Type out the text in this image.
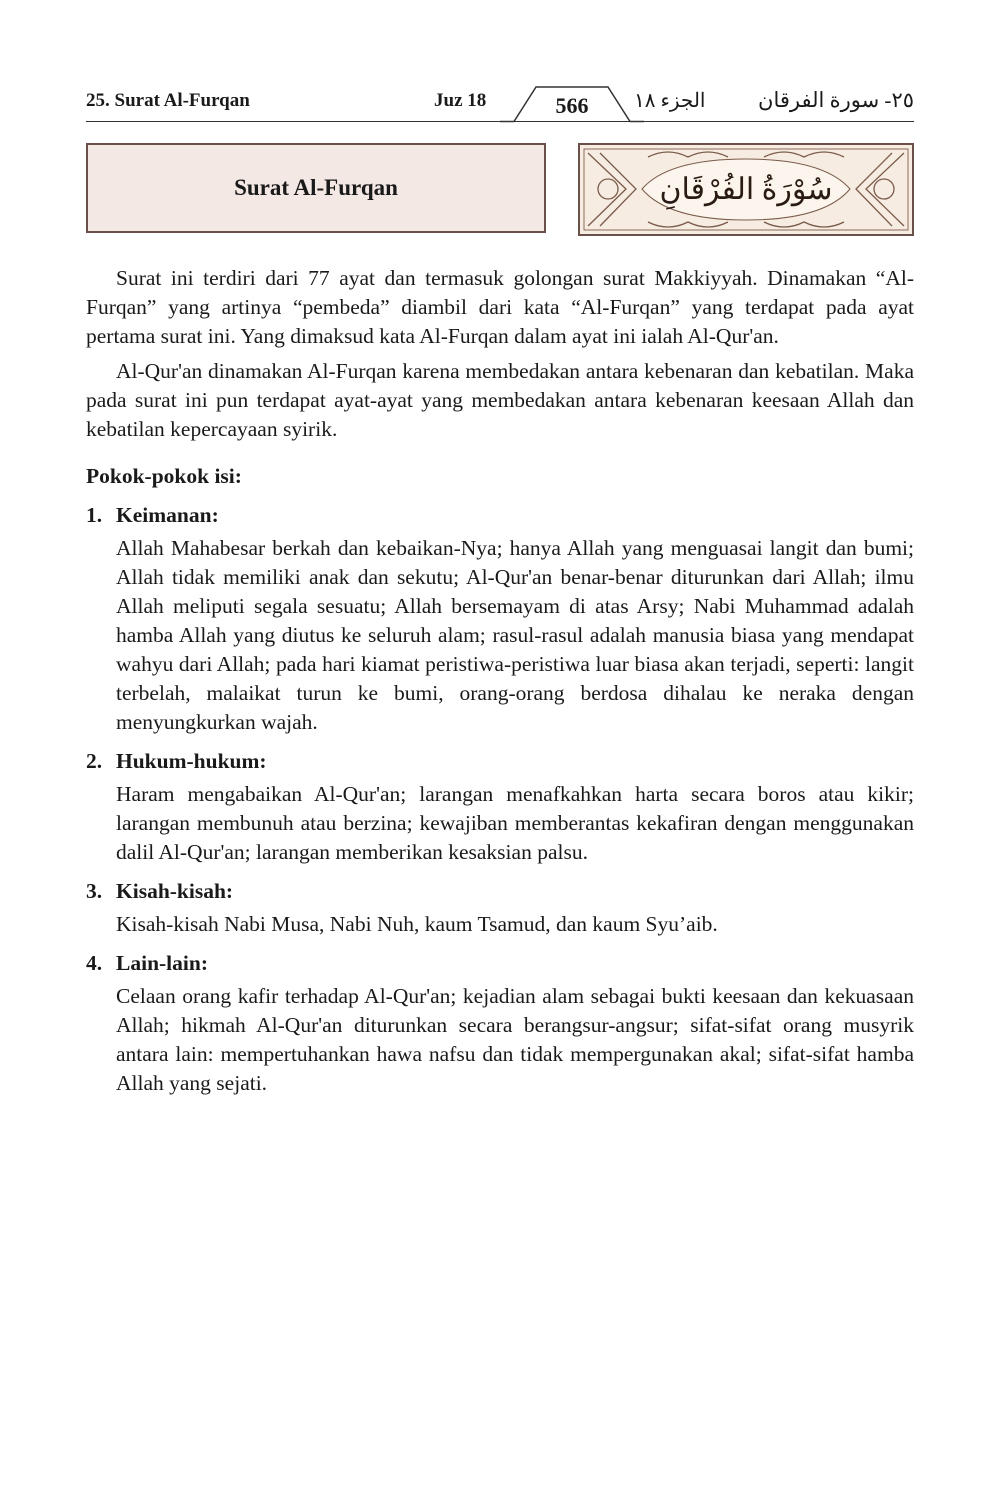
25. Surat Al-Furqan	Juz 18	566	الجزء ١٨	٢٥- سورة الفرقان
Surat Al-Furqan	سُوْرَةُ الفُرْقَانِ

Surat ini terdiri dari 77 ayat dan termasuk golongan surat Makkiyyah. Dinamakan “Al-Furqan” yang artinya “pembeda” diambil dari kata “Al-Furqan” yang terdapat pada ayat pertama surat ini. Yang dimaksud kata Al-Furqan dalam ayat ini ialah Al-Qur'an.

Al-Qur'an dinamakan Al-Furqan karena membedakan antara kebenaran dan kebatilan. Maka pada surat ini pun terdapat ayat-ayat yang membedakan antara kebenaran keesaan Allah dan kebatilan kepercayaan syirik.

Pokok-pokok isi:
1. Keimanan:
Allah Mahabesar berkah dan kebaikan-Nya; hanya Allah yang menguasai langit dan bumi; Allah tidak memiliki anak dan sekutu; Al-Qur'an benar-benar diturunkan dari Allah; ilmu Allah meliputi segala sesuatu; Allah bersemayam di atas Arsy; Nabi Muhammad adalah hamba Allah yang diutus ke seluruh alam; rasul-rasul adalah manusia biasa yang mendapat wahyu dari Allah; pada hari kiamat peristiwa-peristiwa luar biasa akan terjadi, seperti: langit terbelah, malaikat turun ke bumi, orang-orang berdosa dihalau ke neraka dengan menyungkurkan wajah.
2. Hukum-hukum:
Haram mengabaikan Al-Qur'an; larangan menafkahkan harta secara boros atau kikir; larangan membunuh atau berzina; kewajiban memberantas kekafiran dengan menggunakan dalil Al-Qur'an; larangan memberikan kesaksian palsu.
3. Kisah-kisah:
Kisah-kisah Nabi Musa, Nabi Nuh, kaum Tsamud, dan kaum Syu’aib.
4. Lain-lain:
Celaan orang kafir terhadap Al-Qur'an; kejadian alam sebagai bukti keesaan dan kekuasaan Allah; hikmah Al-Qur'an diturunkan secara berangsur-angsur; sifat-sifat orang musyrik antara lain: mempertuhankan hawa nafsu dan tidak mempergunakan akal; sifat-sifat hamba Allah yang sejati.
